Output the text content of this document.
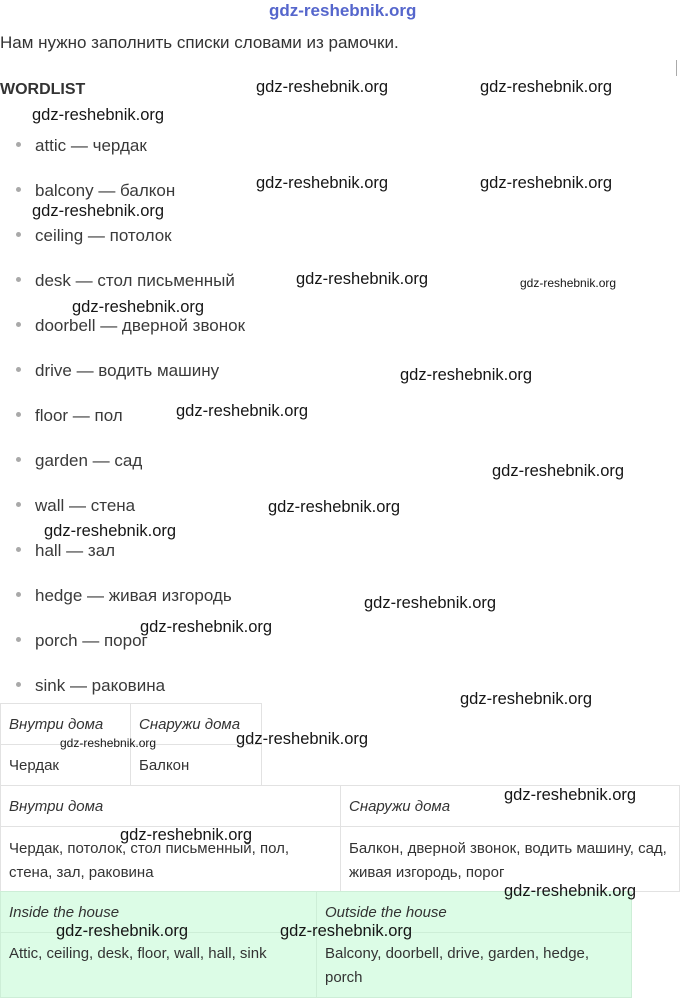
gdz-reshebnik.org
Нам нужно заполнить списки словами из рамочки.
WORDLIST
attic — чердак
balcony — балкон
ceiling — потолок
desk — стол письменный
doorbell — дверной звонок
drive — водить машину
floor — пол
garden — сад
wall — стена
hall — зал
hedge — живая изгородь
porch — порог
sink — раковина
Внутри дома	Снаружи дома
Чердак	Балкон
Внутри дома	Снаружи дома
Чердак, потолок, стол письменный, пол, стена, зал, раковина	Балкон, дверной звонок, водить машину, сад, живая изгородь, порог
Inside the house	Outside the house
Attic, ceiling, desk, floor, wall, hall, sink	Balcony, doorbell, drive, garden, hedge, porch
gdz-reshebnik.org	gdz-reshebnik.org
gdz-reshebnik.org
gdz-reshebnik.org	gdz-reshebnik.org
gdz-reshebnik.org
gdz-reshebnik.org	gdz-reshebnik.org
gdz-reshebnik.org
gdz-reshebnik.org
gdz-reshebnik.org
gdz-reshebnik.org
gdz-reshebnik.org
gdz-reshebnik.org
gdz-reshebnik.org
gdz-reshebnik.org
gdz-reshebnik.org
gdz-reshebnik.org
gdz-reshebnik.org
gdz-reshebnik.org
gdz-reshebnik.org
gdz-reshebnik.org
gdz-reshebnik.org	gdz-reshebnik.org
